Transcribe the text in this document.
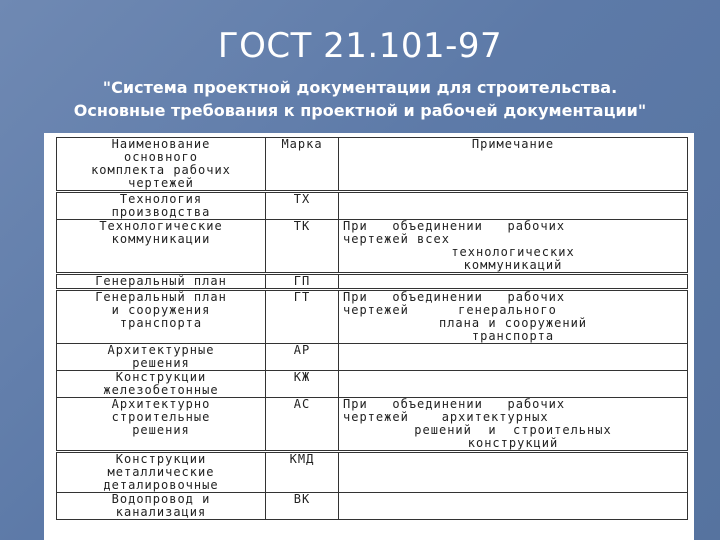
ГОСТ 21.101-97
"Система проектной документации для строительства.
Основные требования к проектной и рабочей документации"
Наименование
основного
комплекта рабочих
чертежей	Марка	Примечание

Технология
производства	ТХ	

Технологические
коммуникации	ТК	При   объединении   рабочих
чертежей всех
технологических
коммуникаций

Генеральный план	ГП	

Генеральный план
и сооружения
транспорта	ГТ	При   объединении   рабочих
чертежей      генерального
плана и сооружений
транспорта

Архитектурные
решения	АР	

Конструкции
железобетонные	КЖ	

Архитектурно
строительные
решения	АС	При   объединении   рабочих
чертежей    архитектурных
решений  и  строительных
конструкций

Конструкции
металлические
деталировочные	КМД	

Водопровод и
канализация	ВК	
